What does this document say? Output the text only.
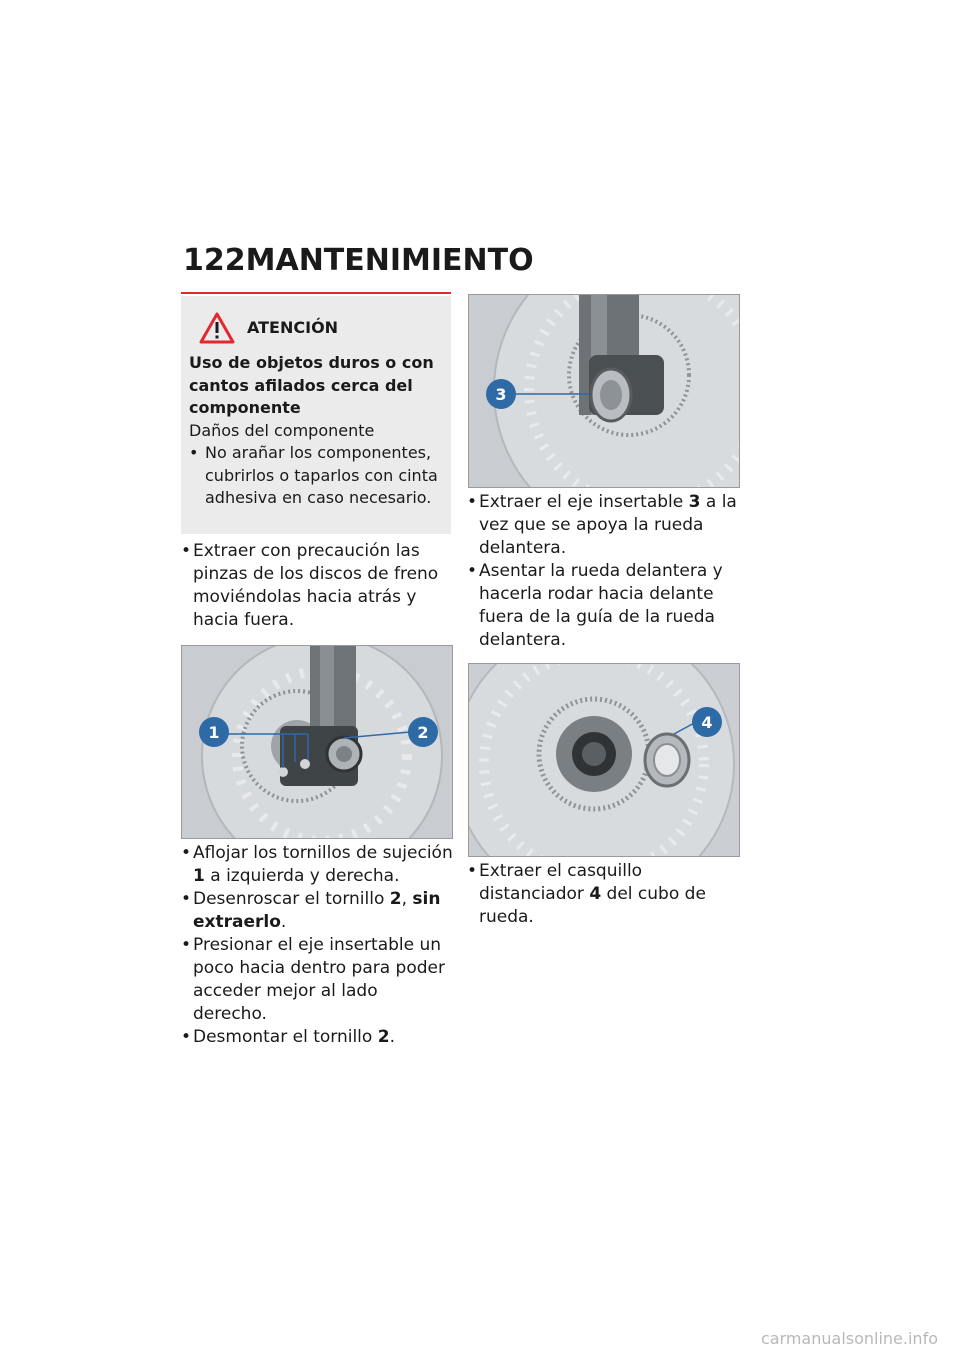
122 MANTENIMIENTO
ATENCIÓN
Uso de objetos duros o con cantos afilados cerca del componente
Daños del componente
• No arañar los componentes, cubrirlos o taparlos con cinta adhesiva en caso necesario.
• Extraer con precaución las pinzas de los discos de freno moviéndolas hacia atrás y hacia fuera.
1	2
• Aflojar los tornillos de sujeción 1 a izquierda y derecha.
• Desenroscar el tornillo 2, sin extraerlo.
• Presionar el eje insertable un poco hacia dentro para poder acceder mejor al lado derecho.
• Desmontar el tornillo 2.
3
• Extraer el eje insertable 3 a la vez que se apoya la rueda delantera.
• Asentar la rueda delantera y hacerla rodar hacia delante fuera de la guía de la rueda delantera.
4
• Extraer el casquillo distanciador 4 del cubo de rueda.
carmanualsonline.info
